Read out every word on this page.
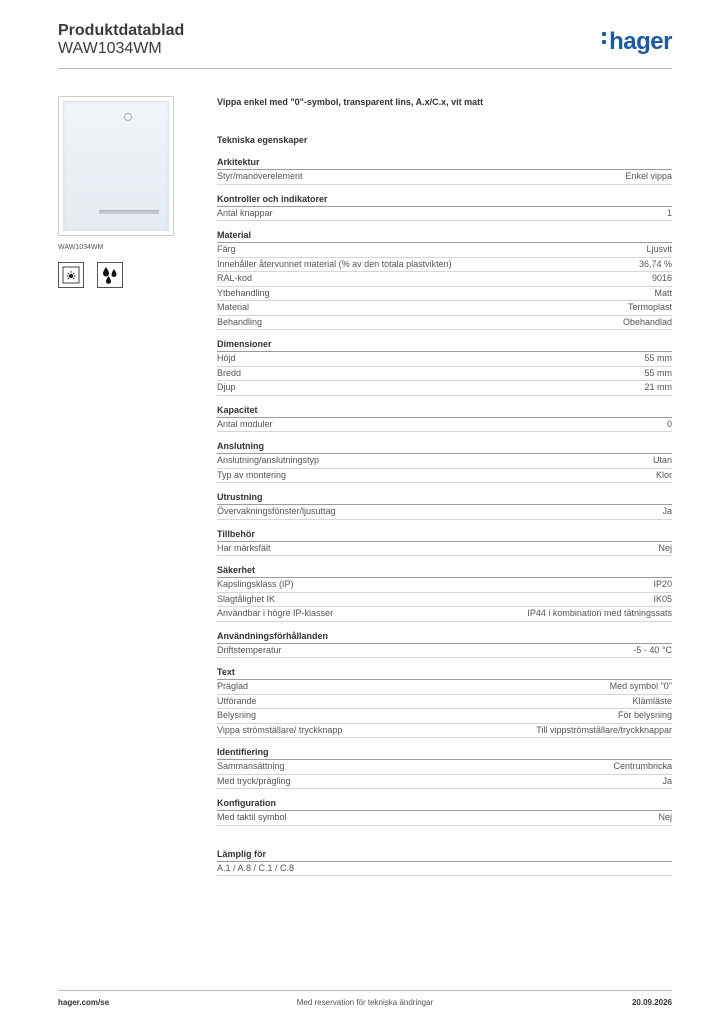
Produktdatablad
WAW1034WM	hager
WAW1034WM
Vippa enkel med "0"-symbol, transparent lins, A.x/C.x, vit matt
Tekniska egenskaper
Arkitektur
Styr/manöverelement	Enkel vippa
Kontroller och indikatorer
Antal knappar	1
Material
Färg	Ljusvit
Innehåller återvunnet material (% av den totala plastvikten)	36,74 %
RAL-kod	9016
Ytbehandling	Matt
Material	Termoplast
Behandling	Obehandlad
Dimensioner
Höjd	55 mm
Bredd	55 mm
Djup	21 mm
Kapacitet
Antal moduler	0
Anslutning
Anslutning/anslutningstyp	Utan
Typ av montering	Klor
Utrustning
Övervakningsfönster/ljusuttag	Ja
Tillbehör
Har märksfält	Nej
Säkerhet
Kapslingsklass (IP)	IP20
Slagtålighet IK	IK05
Användbar i högre IP-klasser	IP44 i kombination med tätningssats
Användningsförhållanden
Driftstemperatur	-5 - 40 °C
Text
Präglad	Med symbol "0"
Utförande	Klämläste
Belysning	För belysning
Vippa strömställare/ tryckknapp	Till vippströmställare/tryckknappar
Identifiering
Sammansättning	Centrumbricka
Med tryck/prägling	Ja
Konfiguration
Med taktil symbol	Nej
Lämplig för
A.1 / A.8 / C.1 / C.8
hager.com/se	Med reservation för tekniska ändringar	20.09.2026
